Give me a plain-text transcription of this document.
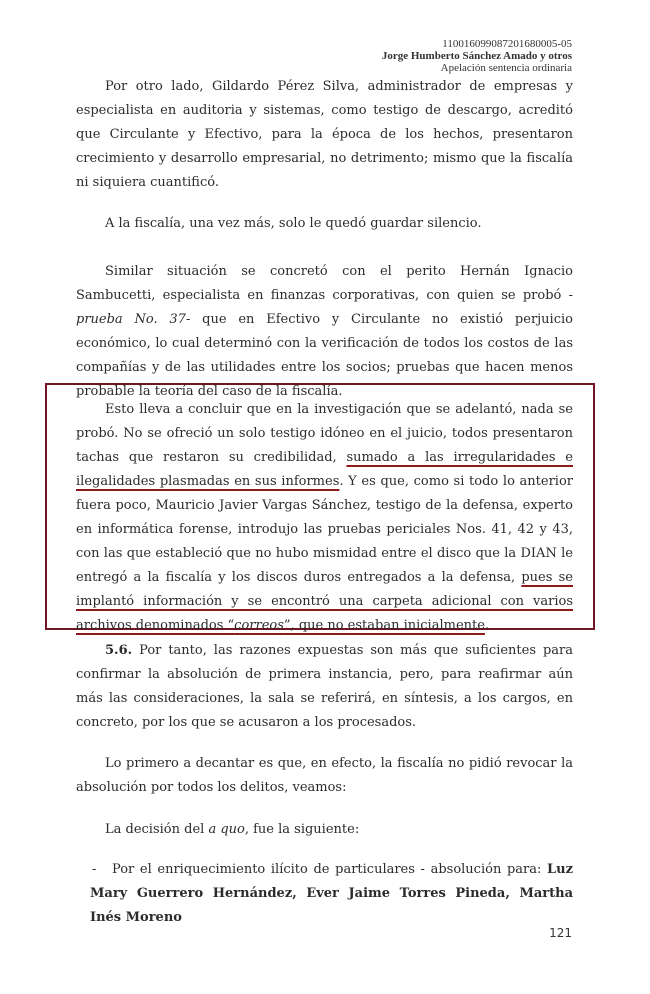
11001609908720168000​5-05
Jorge Humberto Sánchez Amado y otros
Apelación sentencia ordinaria

Por otro lado, Gildardo Pérez Silva, administrador de empresas y especialista en auditoria y sistemas, como testigo de descargo, acreditó que Circulante y Efectivo, para la época de los hechos, presentaron crecimiento y desarrollo empresarial, no detrimento; mismo que la fiscalía ni siquiera cuantificó.

A la fiscalía, una vez más, solo le quedó guardar silencio.

Similar situación se concretó con el perito Hernán Ignacio Sambucetti, especialista en finanzas corporativas, con quien se probó -prueba No. 37- que en Efectivo y Circulante no existió perjuicio económico, lo cual determinó con la verificación de todos los costos de las compañías y de las utilidades entre los socios; pruebas que hacen menos probable la teoría del caso de la fiscalía.

Esto lleva a concluir que en la investigación que se adelantó, nada se probó. No se ofreció un solo testigo idóneo en el juicio, todos presentaron tachas que restaron su credibilidad, sumado a las irregularidades e ilegalidades plasmadas en sus informes. Y es que, como si todo lo anterior fuera poco, Mauricio Javier Vargas Sánchez, testigo de la defensa, experto en informática forense, introdujo las pruebas periciales Nos. 41, 42 y 43, con las que estableció que no hubo mismidad entre el disco que la DIAN le entregó a la fiscalía y los discos duros entregados a la defensa, pues se implantó información y se encontró una carpeta adicional con varios archivos denominados “correos”, que no estaban inicialmente.

5.6. Por tanto, las razones expuestas son más que suficientes para confirmar la absolución de primera instancia, pero, para reafirmar aún más las consideraciones, la sala se referirá, en síntesis, a los cargos, en concreto, por los que se acusaron a los procesados.

Lo primero a decantar es que, en efecto, la fiscalía no pidió revocar la absolución por todos los delitos, veamos:

La decisión del a quo, fue la siguiente:

-	Por el enriquecimiento ilícito de particulares - absolución para: Luz Mary Guerrero Hernández, Ever Jaime Torres Pineda, Martha Inés Moreno

121
